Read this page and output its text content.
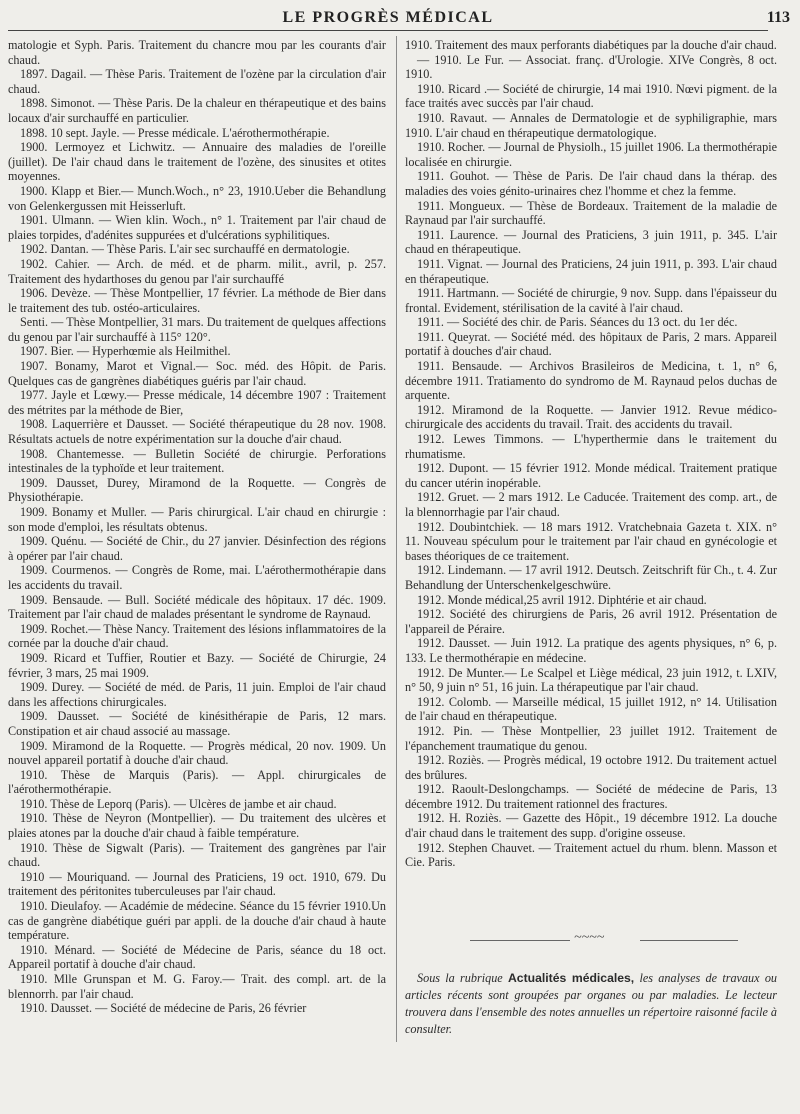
LE PROGRÈS MÉDICAL	113

matologie et Syph. Paris. Traitement du chancre mou par les courants d'air chaud.

1897. Dagail. — Thèse Paris. Traitement de l'ozène par la circulation d'air chaud.

1898. Simonot. — Thèse Paris. De la chaleur en thérapeutique et des bains locaux d'air surchauffé en particulier.

1898. 10 sept. Jayle. — Presse médicale. L'aérothermothérapie.

1900. Lermoyez et Lichwitz. — Annuaire des maladies de l'oreille (juillet). De l'air chaud dans le traitement de l'ozène, des sinusites et otites moyennes.

1900. Klapp et Bier.— Munch.Woch., n° 23, 1910.Ueber die Behandlung von Gelenkergussen mit Heisserluft.

1901. Ulmann. — Wien klin. Woch., n° 1. Traitement par l'air chaud de plaies torpides, d'adénites suppurées et d'ulcérations syphilitiques.

1902. Dantan. — Thèse Paris. L'air sec surchauffé en dermatologie.

1902. Cahier. — Arch. de méd. et de pharm. milit., avril, p. 257. Traitement des hydarthoses du genou par l'air surchauffé

1906. Devèze. — Thèse Montpellier, 17 février. La méthode de Bier dans le traitement des tub. ostéo-articulaires.

Senti. — Thèse Montpellier, 31 mars. Du traitement de quelques affections du genou par l'air surchauffé à 115° 120°.

1907. Bier. — Hyperhœmie als Heilmithel.

1907. Bonamy, Marot et Vignal.— Soc. méd. des Hôpit. de Paris. Quelques cas de gangrènes diabétiques guéris par l'air chaud.

1977. Jayle et Lœwy.— Presse médicale, 14 décembre 1907 : Traitement des métrites par la méthode de Bier,

1908. Laquerrière et Dausset. — Société thérapeutique du 28 nov. 1908. Résultats actuels de notre expérimentation sur la douche d'air chaud.

1908. Chantemesse. — Bulletin Société de chirurgie. Perforations intestinales de la typhoïde et leur traitement.

1909. Dausset, Durey, Miramond de la Roquette. — Congrès de Physiothérapie.

1909. Bonamy et Muller. — Paris chirurgical. L'air chaud en chirurgie : son mode d'emploi, les résultats obtenus.

1909. Quénu. — Société de Chir., du 27 janvier. Désinfection des régions à opérer par l'air chaud.

1909. Courmenos. — Congrès de Rome, mai. L'aérothermothérapie dans les accidents du travail.

1909. Bensaude. — Bull. Société médicale des hôpitaux. 17 déc. 1909. Traitement par l'air chaud de malades présentant le syndrome de Raynaud.

1909. Rochet.— Thèse Nancy. Traitement des lésions inflammatoires de la cornée par la douche d'air chaud.

1909. Ricard et Tuffier, Routier et Bazy. — Société de Chirurgie, 24 février, 3 mars, 25 mai 1909.

1909. Durey. — Société de méd. de Paris, 11 juin. Emploi de l'air chaud dans les affections chirurgicales.

1909. Dausset. — Société de kinésithérapie de Paris, 12 mars. Constipation et air chaud associé au massage.

1909. Miramond de la Roquette. — Progrès médical, 20 nov. 1909. Un nouvel appareil portatif à douche d'air chaud.

1910. Thèse de Marquis (Paris). — Appl. chirurgicales de l'aérothermothérapie.

1910. Thèse de Leporq (Paris). — Ulcères de jambe et air chaud.

1910. Thèse de Neyron (Montpellier). — Du traitement des ulcères et plaies atones par la douche d'air chaud à faible température.

1910. Thèse de Sigwalt (Paris). — Traitement des gangrènes par l'air chaud.

1910 — Mouriquand. — Journal des Praticiens, 19 oct. 1910, 679. Du traitement des péritonites tuberculeuses par l'air chaud.

1910. Dieulafoy. — Académie de médecine. Séance du 15 février 1910.Un cas de gangrène diabétique guéri par appli. de la douche d'air chaud à haute température.

1910. Ménard. — Société de Médecine de Paris, séance du 18 oct. Appareil portatif à douche d'air chaud.

1910. Mlle Grunspan et M. G. Faroy.— Trait. des compl. art. de la blennorrh. par l'air chaud.

1910. Dausset. — Société de médecine de Paris, 26 février

1910. Traitement des maux perforants diabétiques par la douche d'air chaud.

— 1910. Le Fur. — Associat. franç. d'Urologie. XIVe Congrès, 8 oct. 1910.

1910. Ricard .— Société de chirurgie, 14 mai 1910. Nœvi pigment. de la face traités avec succès par l'air chaud.

1910. Ravaut. — Annales de Dermatologie et de syphiligraphie, mars 1910. L'air chaud en thérapeutique dermatologique.

1910. Rocher. — Journal de Physiolh., 15 juillet 1906. La thermothérapie localisée en chirurgie.

1911. Gouhot. — Thèse de Paris. De l'air chaud dans la thérap. des maladies des voies génito-urinaires chez l'homme et chez la femme.

1911. Mongueux. — Thèse de Bordeaux. Traitement de la maladie de Raynaud par l'air surchauffé.

1911. Laurence. — Journal des Praticiens, 3 juin 1911, p. 345. L'air chaud en thérapeutique.

1911. Vignat. — Journal des Praticiens, 24 juin 1911, p. 393. L'air chaud en thérapeutique.

1911. Hartmann. — Société de chirurgie, 9 nov. Supp. dans l'épaisseur du frontal. Evidement, stérilisation de la cavité à l'air chaud.

1911. — Société des chir. de Paris. Séances du 13 oct. du 1er déc.

1911. Queyrat. — Société méd. des hôpitaux de Paris, 2 mars. Appareil portatif à douches d'air chaud.

1911. Bensaude. — Archivos Brasileiros de Medicina, t. 1, n° 6, décembre 1911. Tratiamento do syndromo de M. Raynaud pelos duchas de arquente.

1912. Miramond de la Roquette. — Janvier 1912. Revue médico-chirurgicale des accidents du travail. Trait. des accidents du travail.

1912. Lewes Timmons. — L'hyperthermie dans le traitement du rhumatisme.

1912. Dupont. — 15 février 1912. Monde médical. Traitement pratique du cancer utérin inopérable.

1912. Gruet. — 2 mars 1912. Le Caducée. Traitement des comp. art., de la blennorrhagie par l'air chaud.

1912. Doubintchiek. — 18 mars 1912. Vratchebnaia Gazeta t. XIX. n° 11. Nouveau spéculum pour le traitement par l'air chaud en gynécologie et bases théoriques de ce traitement.

1912. Lindemann. — 17 avril 1912. Deutsch. Zeitschrift für Ch., t. 4. Zur Behandlung der Unterschenkelgeschwüre.

1912. Monde médical,25 avril 1912. Diphtérie et air chaud.

1912. Société des chirurgiens de Paris, 26 avril 1912. Présentation de l'appareil de Péraire.

1912. Dausset. — Juin 1912. La pratique des agents physiques, n° 6, p. 133. Le thermothérapie en médecine.

1912. De Munter.— Le Scalpel et Liège médical, 23 juin 1912, t. LXIV, n° 50, 9 juin n° 51, 16 juin. La thérapeutique par l'air chaud.

1912. Colomb. — Marseille médical, 15 juillet 1912, n° 14. Utilisation de l'air chaud en thérapeutique.

1912. Pin. — Thèse Montpellier, 23 juillet 1912. Traitement de l'épanchement traumatique du genou.

1912. Roziès. — Progrès médical, 19 octobre 1912. Du traitement actuel des brûlures.

1912. Raoult-Deslongchamps. — Société de médecine de Paris, 13 décembre 1912. Du traitement rationnel des fractures.

1912. H. Roziès. — Gazette des Hôpit., 19 décembre 1912. La douche d'air chaud dans le traitement des supp. d'origine osseuse.

1912. Stephen Chauvet. — Traitement actuel du rhum. blenn. Masson et Cie. Paris.

~~~~

Sous la rubrique Actualités médicales, les analyses de travaux ou articles récents sont groupées par organes ou par maladies. Le lecteur trouvera dans l'ensemble des notes annuelles un répertoire raisonné facile à consulter.
